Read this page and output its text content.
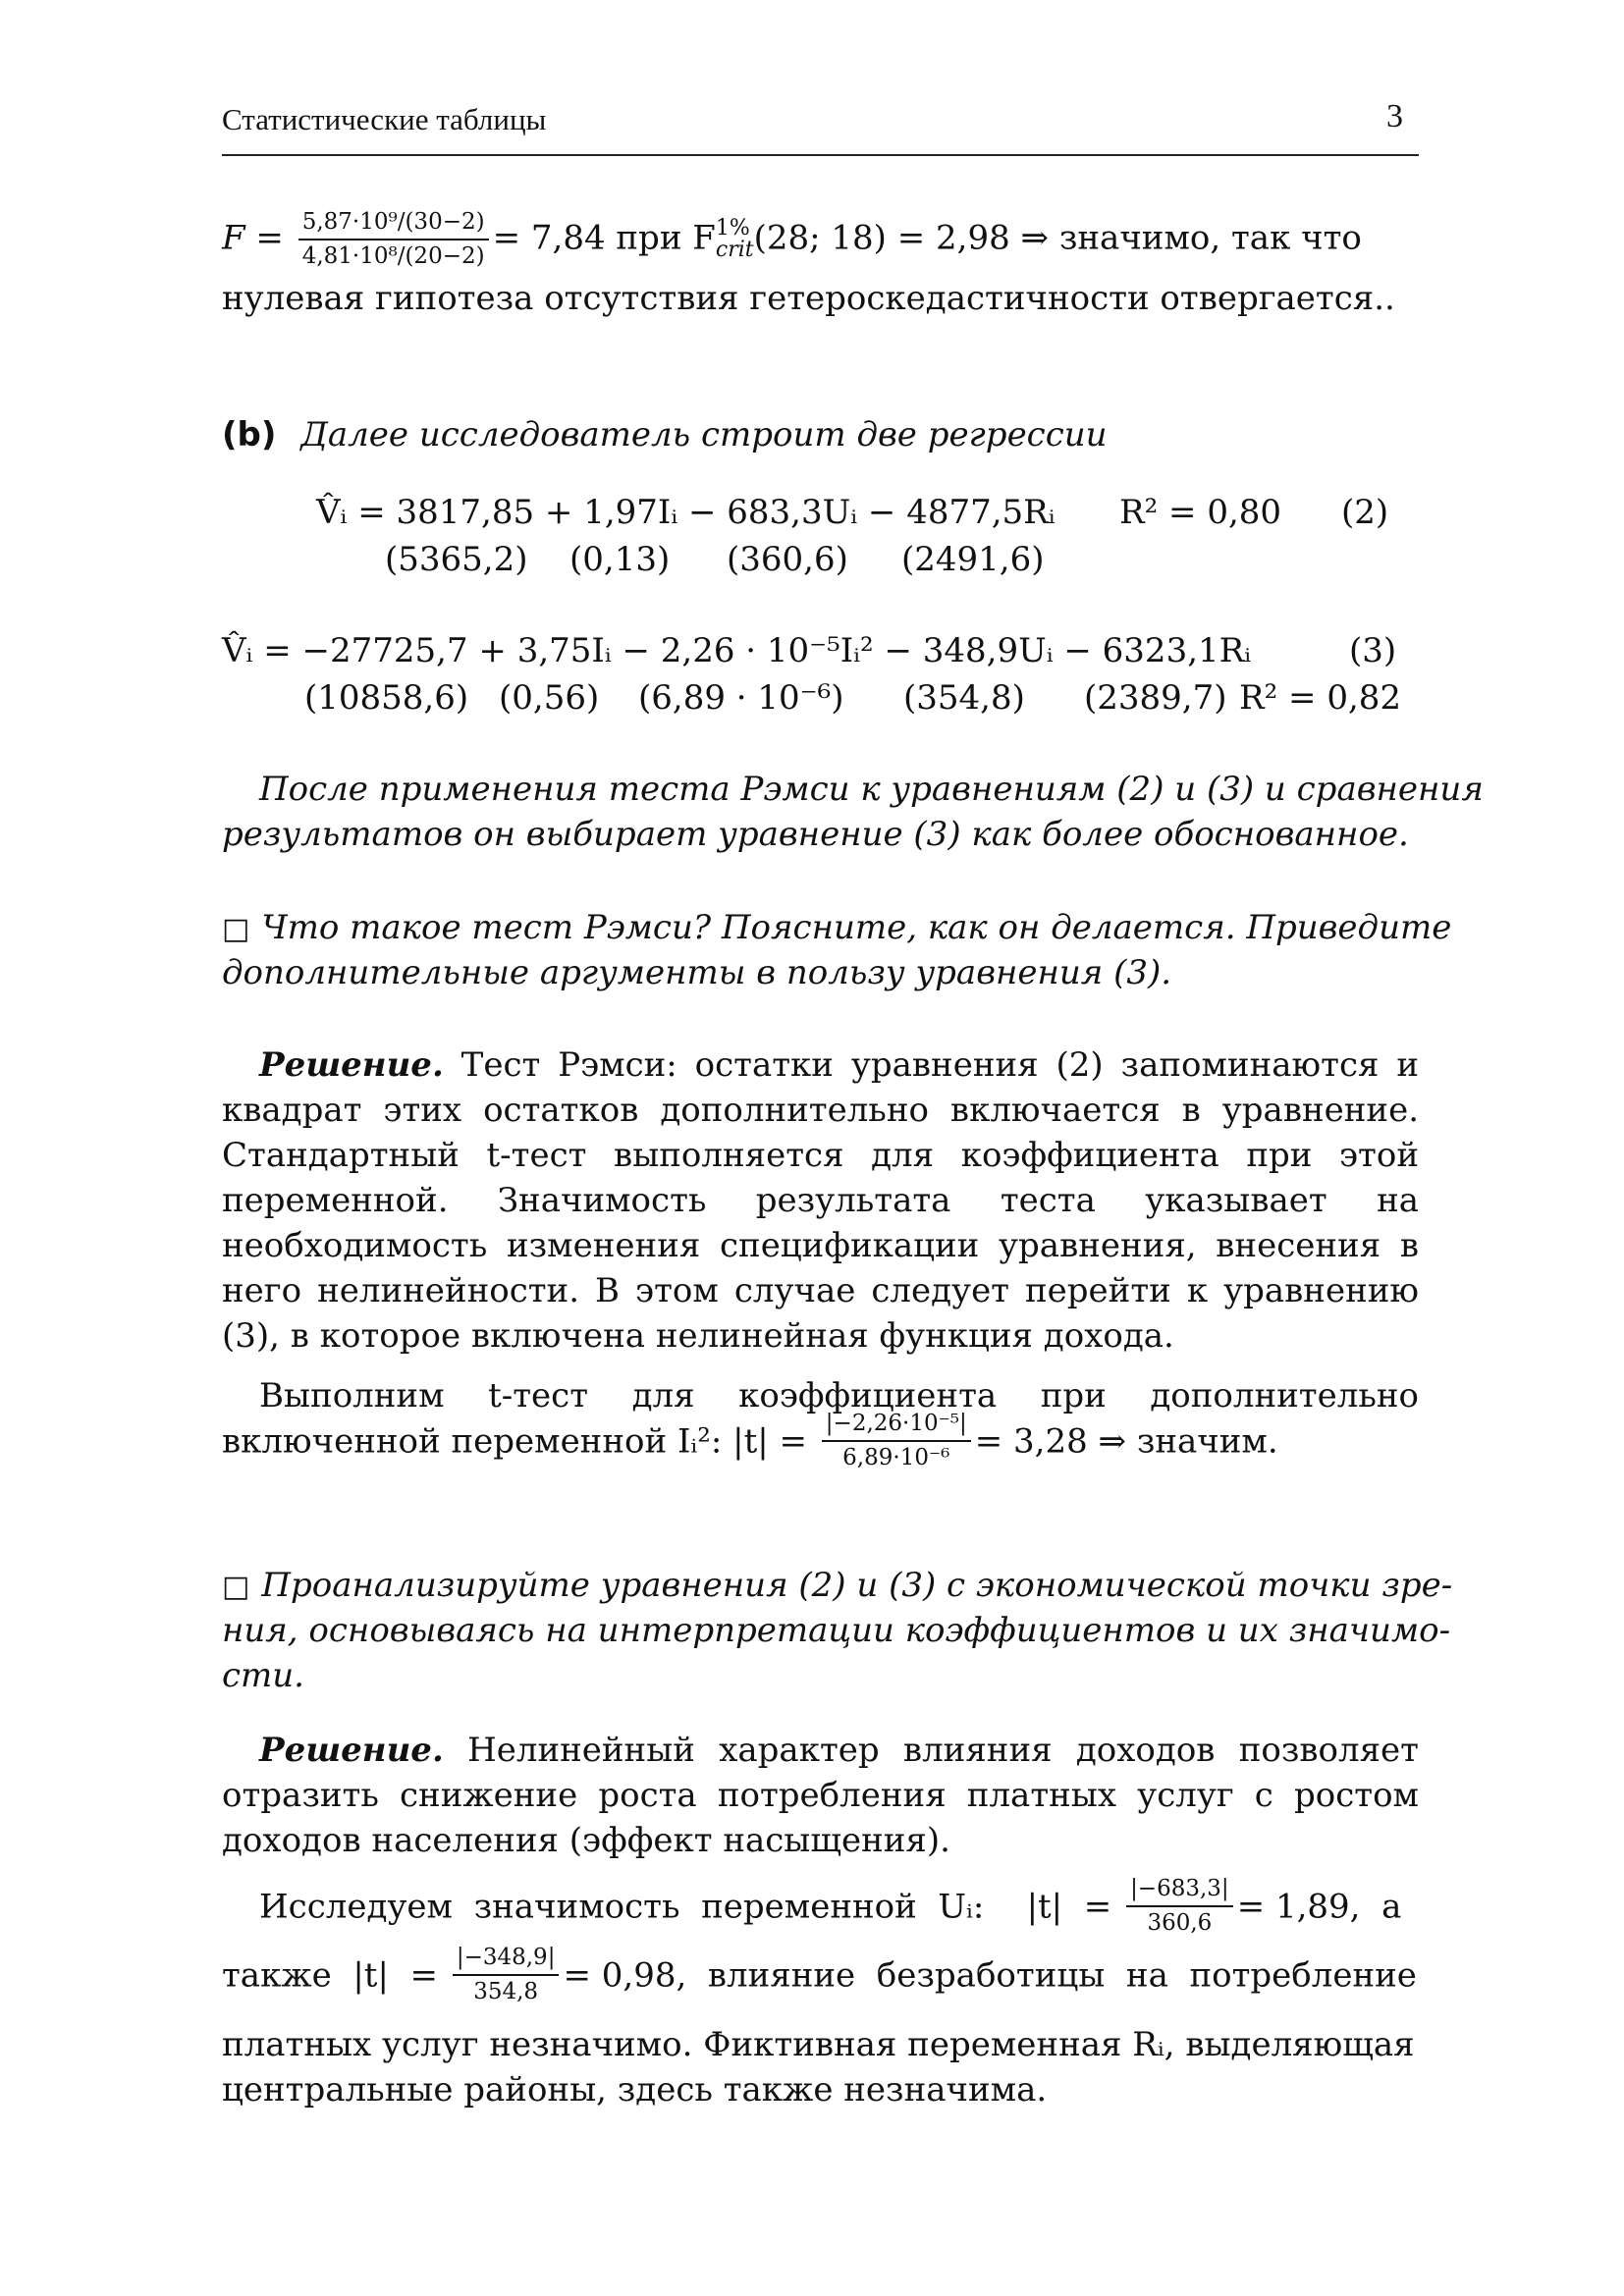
Статистические таблицы	3
$F = \frac{\text{5,87·10⁹/(30−2)}}{\text{4,81·10⁸/(20−2)}} = 7,84$ при F 1%
crit (28; 18) = 2,98 ⇒ значимо, так что
нулевая гипотеза отсутствия гетероскедастичности отвергается..
(b) Далее исследователь строит две регрессии
V̂ᵢ = 3817,85 + 1,97Iᵢ − 683,3Uᵢ − 4877,5Rᵢ R² = 0,80 (2)
(5365,2) (0,13) (360,6) (2491,6)
V̂ᵢ = −27725,7 + 3,75Iᵢ − 2,26 · 10⁻⁵Iᵢ² − 348,9Uᵢ − 6323,1Rᵢ	(3)
(10858,6) (0,56) (6,89 · 10⁻⁶) (354,8) (2389,7) R² = 0,82
После применения теста Рэмси к уравнениям (2) и (3) и сравнения
результатов он выбирает уравнение (3) как более обоснованное.
□ Что такое тест Рэмси? Поясните, как он делается. Приведите
дополнительные аргументы в пользу уравнения (3).
Решение. Тест Рэмси: остатки уравнения (2) запоминаются и квадрат этих остатков дополнительно включается в уравнение. Стандартный t-тест выполняется для коэффициента при этой переменной. Значимость результата теста указывает на необходимость изменения спецификации уравнения, внесения в него нелинейности. В этом случае следует перейти к уравнению (3), в которое включена нелинейная функция дохода.
Выполним t-тест для коэффициента при дополнительно
включенной переменной Iᵢ²: $|t| = \frac{\text{|−2,26·10⁻⁵|}}{\text{6,89·10⁻⁶}} = 3,28$ ⇒ значим.
□ Проанализируйте уравнения (2) и (3) с экономической точки зре-
ния, основываясь на интерпретации коэффициентов и их значимо-
сти.
Решение. Нелинейный характер влияния доходов позволяет отразить снижение роста потребления платных услуг с ростом доходов населения (эффект насыщения).
Исследуем  значимость  переменной  Uᵢ:    $|t| = \frac{|-683,3|}{360,6} = 1,89$,  а
также  $|t| = \frac{|-348,9|}{354,8} = 0,98$,  влияние  безработицы  на  потребление
платных услуг незначимо. Фиктивная переменная Rᵢ, выделяющая
центральные районы, здесь также незначима.
